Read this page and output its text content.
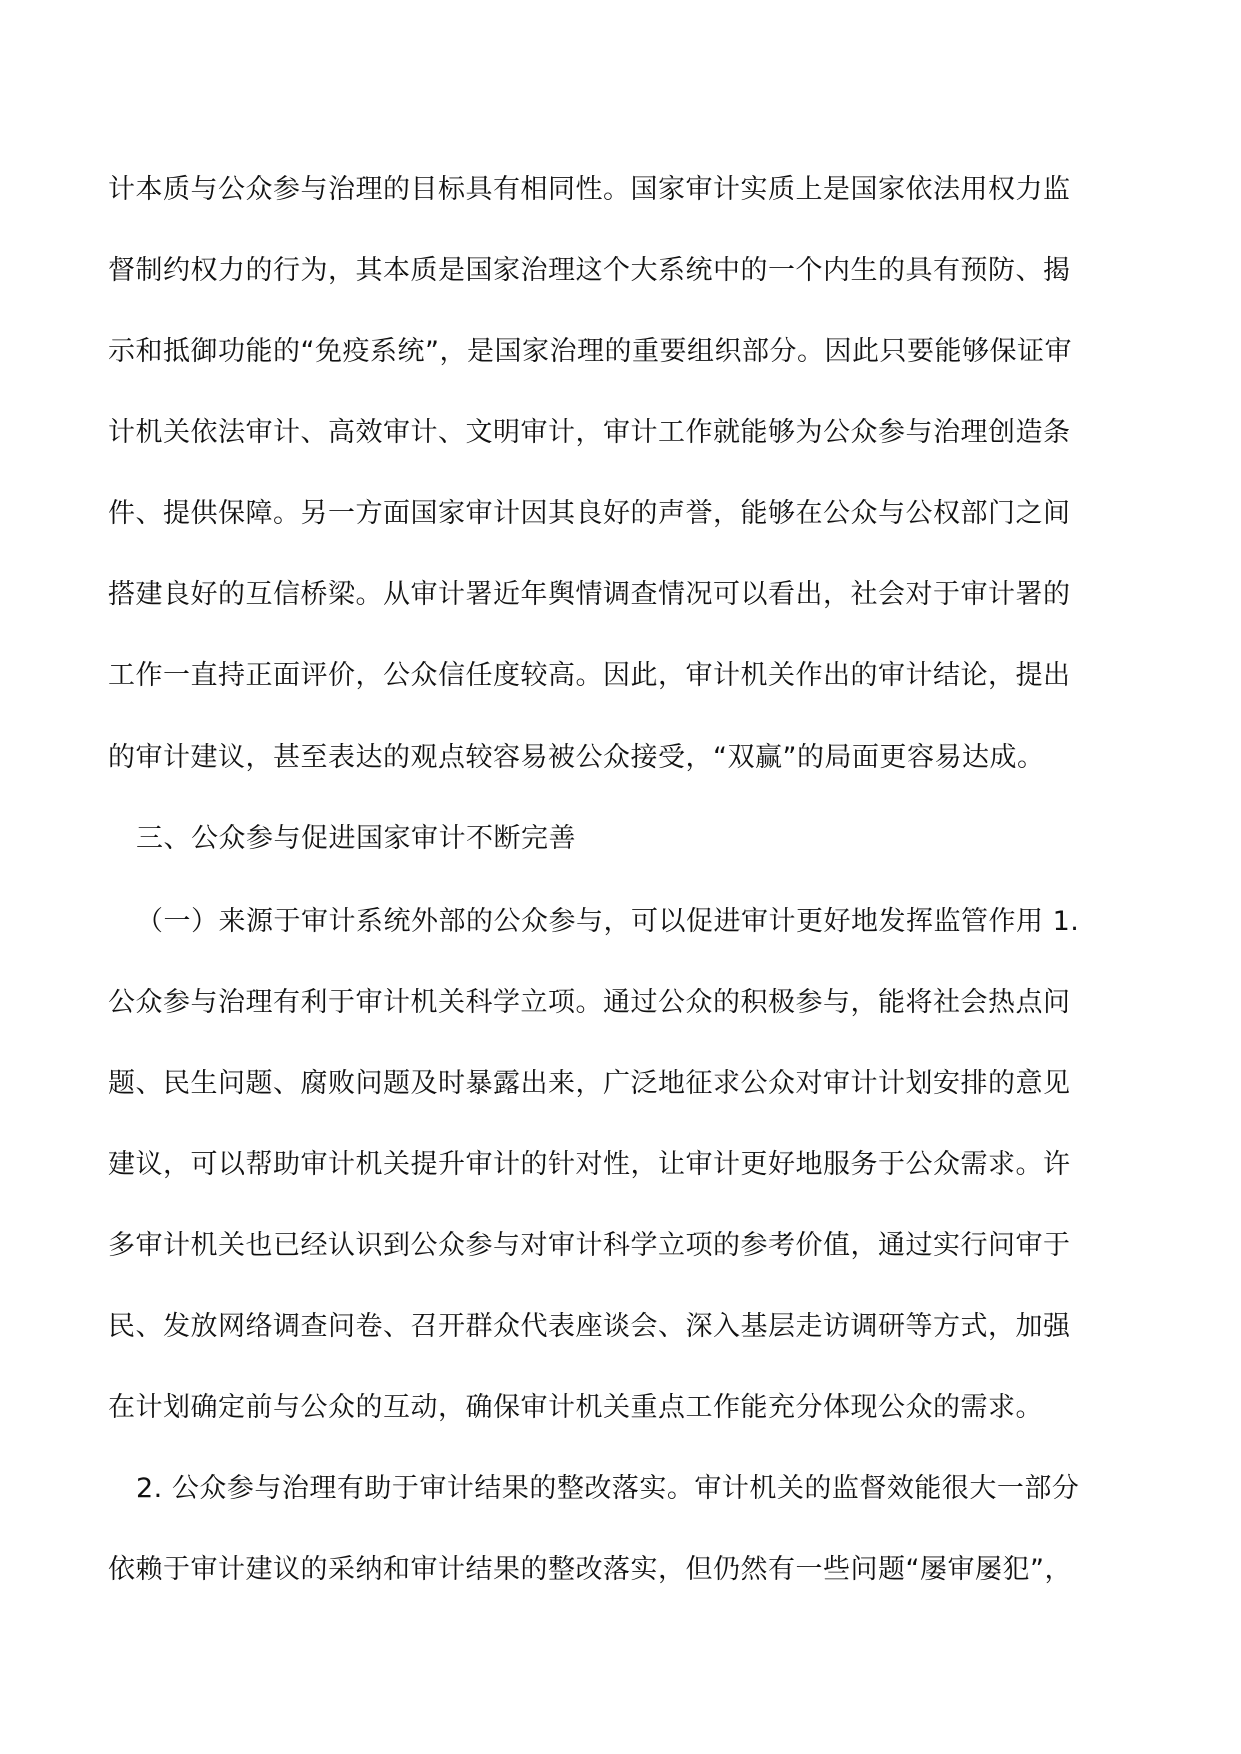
计本质与公众参与治理的目标具有相同性。国家审计实质上是国家依法用权力监
督制约权力的行为，其本质是国家治理这个大系统中的一个内生的具有预防、揭
示和抵御功能的“免疫系统”，是国家治理的重要组织部分。因此只要能够保证审
计机关依法审计、高效审计、文明审计，审计工作就能够为公众参与治理创造条
件、提供保障。另一方面国家审计因其良好的声誉，能够在公众与公权部门之间
搭建良好的互信桥梁。从审计署近年舆情调查情况可以看出，社会对于审计署的
工作一直持正面评价，公众信任度较高。因此，审计机关作出的审计结论，提出
的审计建议，甚至表达的观点较容易被公众接受，“双赢”的局面更容易达成。
三、公众参与促进国家审计不断完善
（一）来源于审计系统外部的公众参与，可以促进审计更好地发挥监管作用 1.
公众参与治理有利于审计机关科学立项。通过公众的积极参与，能将社会热点问
题、民生问题、腐败问题及时暴露出来，广泛地征求公众对审计计划安排的意见
建议，可以帮助审计机关提升审计的针对性，让审计更好地服务于公众需求。许
多审计机关也已经认识到公众参与对审计科学立项的参考价值，通过实行问审于
民、发放网络调查问卷、召开群众代表座谈会、深入基层走访调研等方式，加强
在计划确定前与公众的互动，确保审计机关重点工作能充分体现公众的需求。
2. 公众参与治理有助于审计结果的整改落实。审计机关的监督效能很大一部分
依赖于审计建议的采纳和审计结果的整改落实，但仍然有一些问题“屡审屡犯”，
